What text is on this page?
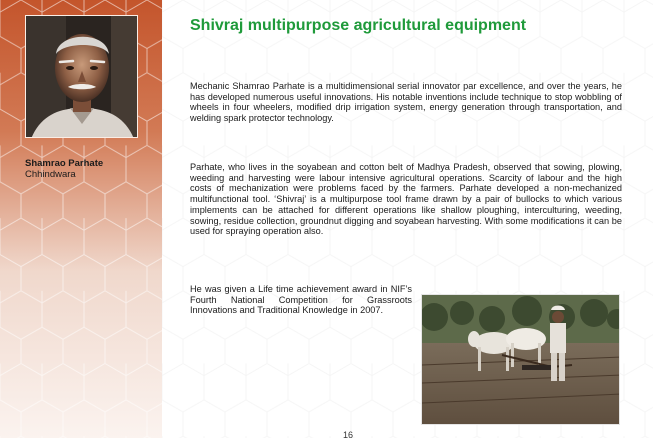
Shamrao Parhate
Chhindwara
Shivraj multipurpose agricultural equipment

Mechanic Shamrao Parhate is a multidimensional serial innovator par excellence, and over the years, he has developed numerous useful innovations. His notable inventions include technique to stop wobbling of wheels in four wheelers, modified drip irrigation system, energy generation through transportation, and welding spark protector technology.

Parhate, who lives in the soyabean and cotton belt of Madhya Pradesh, observed that sowing, plowing, weeding and harvesting were labour intensive agricultural operations. Scarcity of labour and the high costs of mechanization were problems faced by the farmers. Parhate developed a non-mechanized multifunctional tool. ‘Shivraj’ is a multipurpose tool frame drawn by a pair of bullocks to which various implements can be attached for different operations like shallow ploughing, interculturing, weeding, sowing, residue collection, groundnut digging and soyabean harvesting. With some modifications it can be used for spraying operation also.

He was given a Life time achievement award in NIF’s Fourth National Competition for Grassroots Innovations and Traditional Knowledge in 2007.

16
